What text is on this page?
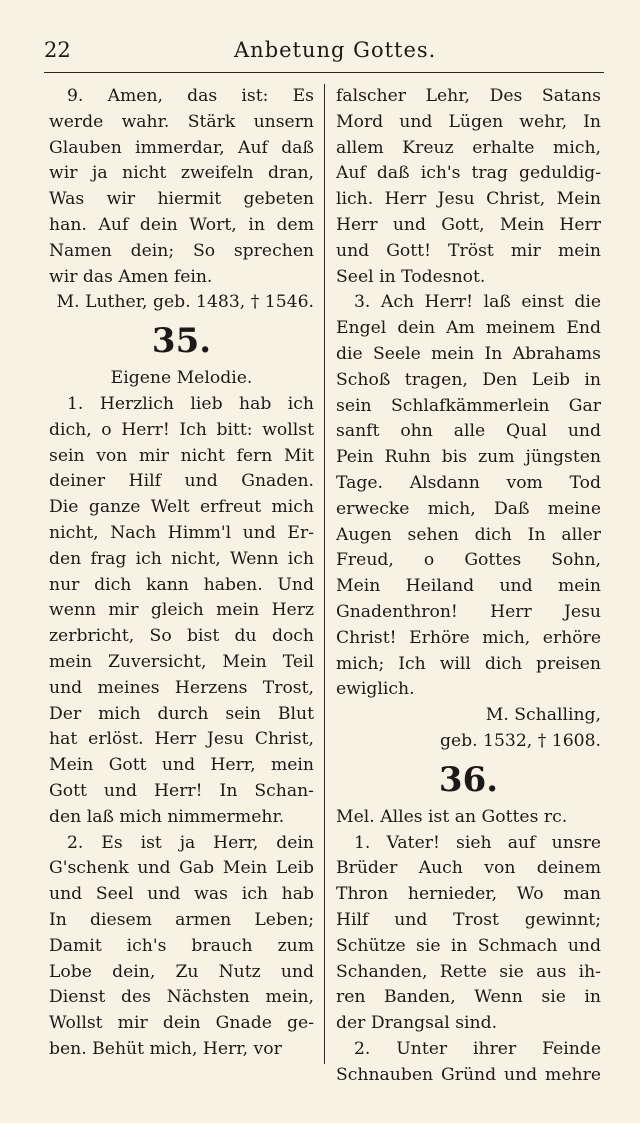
22	Anbetung Gottes.
9. Amen, das ist: Es
werde wahr. Stärk unsern
Glauben immerdar, Auf daß
wir ja nicht zweifeln dran,
Was wir hiermit gebeten
han. Auf dein Wort, in dem
Namen dein; So sprechen
wir das Amen fein.
M. Luther, geb. 1483, † 1546.
35.
Eigene Melodie.
1. Herzlich lieb hab ich
dich, o Herr! Ich bitt: wollst
sein von mir nicht fern Mit
deiner Hilf und Gnaden.
Die ganze Welt erfreut mich
nicht, Nach Himm'l und Er-
den frag ich nicht, Wenn ich
nur dich kann haben. Und
wenn mir gleich mein Herz
zerbricht, So bist du doch
mein Zuversicht, Mein Teil
und meines Herzens Trost,
Der mich durch sein Blut
hat erlöst. Herr Jesu Christ,
Mein Gott und Herr, mein
Gott und Herr! In Schan-
den laß mich nimmermehr.
2. Es ist ja Herr, dein
G'schenk und Gab Mein Leib
und Seel und was ich hab
In diesem armen Leben;
Damit ich's brauch zum
Lobe dein, Zu Nutz und
Dienst des Nächsten mein,
Wollst mir dein Gnade ge-
ben. Behüt mich, Herr, vor
falscher Lehr, Des Satans
Mord und Lügen wehr, In
allem Kreuz erhalte mich,
Auf daß ich's trag geduldig-
lich. Herr Jesu Christ, Mein
Herr und Gott, Mein Herr
und Gott! Tröst mir mein
Seel in Todesnot.
3. Ach Herr! laß einst die
Engel dein Am meinem End
die Seele mein In Abrahams
Schoß tragen, Den Leib in
sein Schlafkämmerlein Gar
sanft ohn alle Qual und
Pein Ruhn bis zum jüngsten
Tage. Alsdann vom Tod
erwecke mich, Daß meine
Augen sehen dich In aller
Freud, o Gottes Sohn,
Mein Heiland und mein
Gnadenthron! Herr Jesu
Christ! Erhöre mich, erhöre
mich; Ich will dich preisen
ewiglich.
M. Schalling,
geb. 1532, † 1608.
36.
Mel. Alles ist an Gottes rc.
1. Vater! sieh auf unsre
Brüder Auch von deinem
Thron hernieder, Wo man
Hilf und Trost gewinnt;
Schütze sie in Schmach und
Schanden, Rette sie aus ih-
ren Banden, Wenn sie in
der Drangsal sind.
2. Unter ihrer Feinde
Schnauben Gründ und mehre
